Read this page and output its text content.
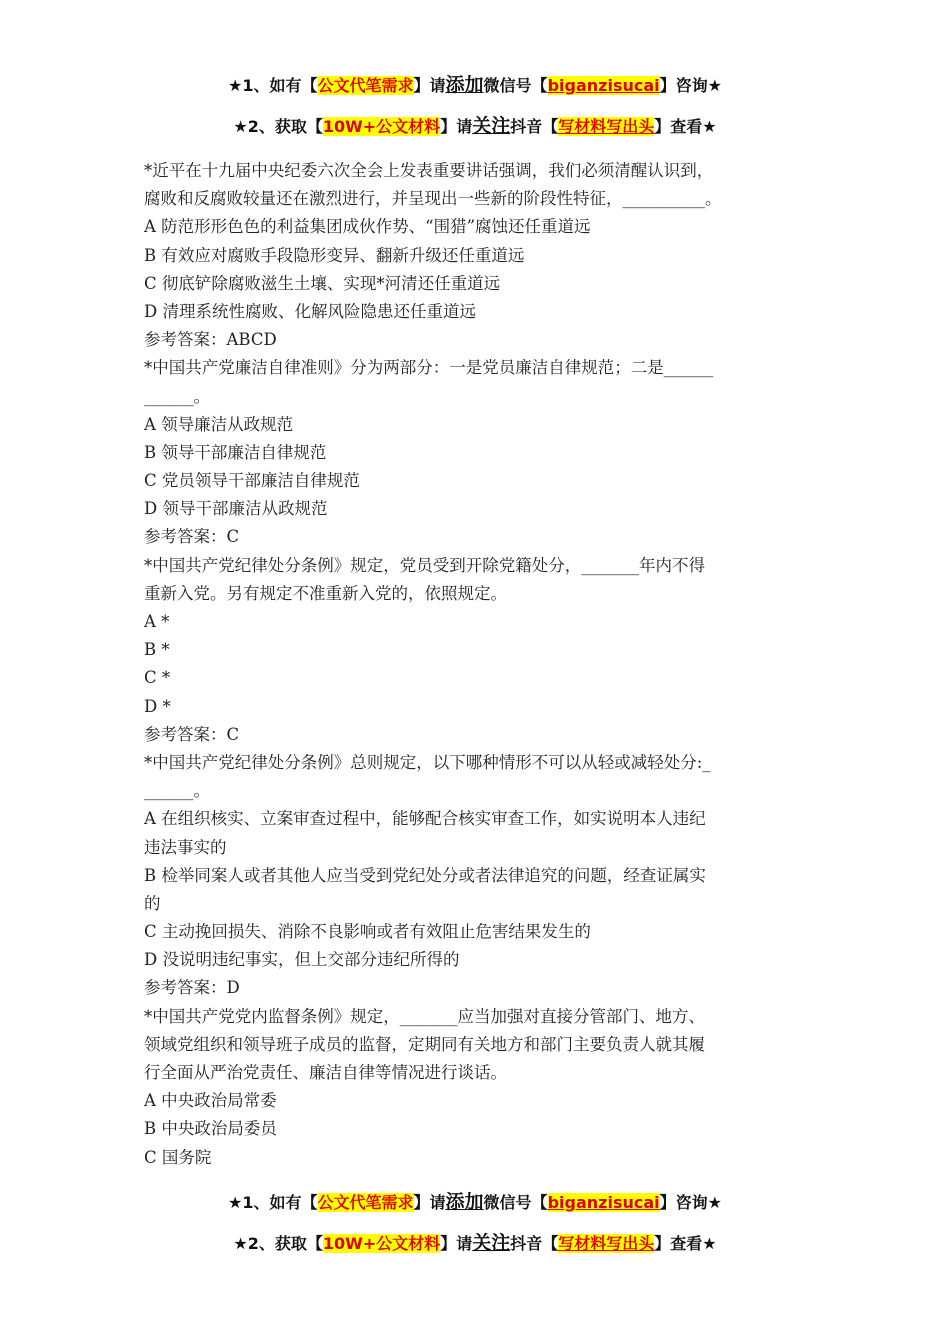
★1、如有【公文代笔需求】请添加微信号【biganzisucai】咨询★
★2、获取【10W+公文材料】请关注抖音【写材料写出头】查看★
*近平在十九届中央纪委六次全会上发表重要讲话强调，我们必须清醒认识到，
腐败和反腐败较量还在激烈进行，并呈现出一些新的阶段性特征，__________。
A 防范形形色色的利益集团成伙作势、“围猎”腐蚀还任重道远
B 有效应对腐败手段隐形变异、翻新升级还任重道远
C 彻底铲除腐败滋生土壤、实现*河清还任重道远
D 清理系统性腐败、化解风险隐患还任重道远
参考答案：ABCD
*中国共产党廉洁自律准则》分为两部分：一是党员廉洁自律规范；二是______
______。
A 领导廉洁从政规范
B 领导干部廉洁自律规范
C 党员领导干部廉洁自律规范
D 领导干部廉洁从政规范
参考答案：C
*中国共产党纪律处分条例》规定，党员受到开除党籍处分，_______年内不得
重新入党。另有规定不准重新入党的，依照规定。
A *
B *
C *
D *
参考答案：C
*中国共产党纪律处分条例》总则规定，以下哪种情形不可以从轻或减轻处分:_
______。
A 在组织核实、立案审查过程中，能够配合核实审查工作，如实说明本人违纪
违法事实的
B 检举同案人或者其他人应当受到党纪处分或者法律追究的问题，经查证属实
的
C 主动挽回损失、消除不良影响或者有效阻止危害结果发生的
D 没说明违纪事实，但上交部分违纪所得的
参考答案：D
*中国共产党党内监督条例》规定，_______应当加强对直接分管部门、地方、
领域党组织和领导班子成员的监督，定期同有关地方和部门主要负责人就其履
行全面从严治党责任、廉洁自律等情况进行谈话。
A 中央政治局常委
B 中央政治局委员
C 国务院
★1、如有【公文代笔需求】请添加微信号【biganzisucai】咨询★
★2、获取【10W+公文材料】请关注抖音【写材料写出头】查看★
